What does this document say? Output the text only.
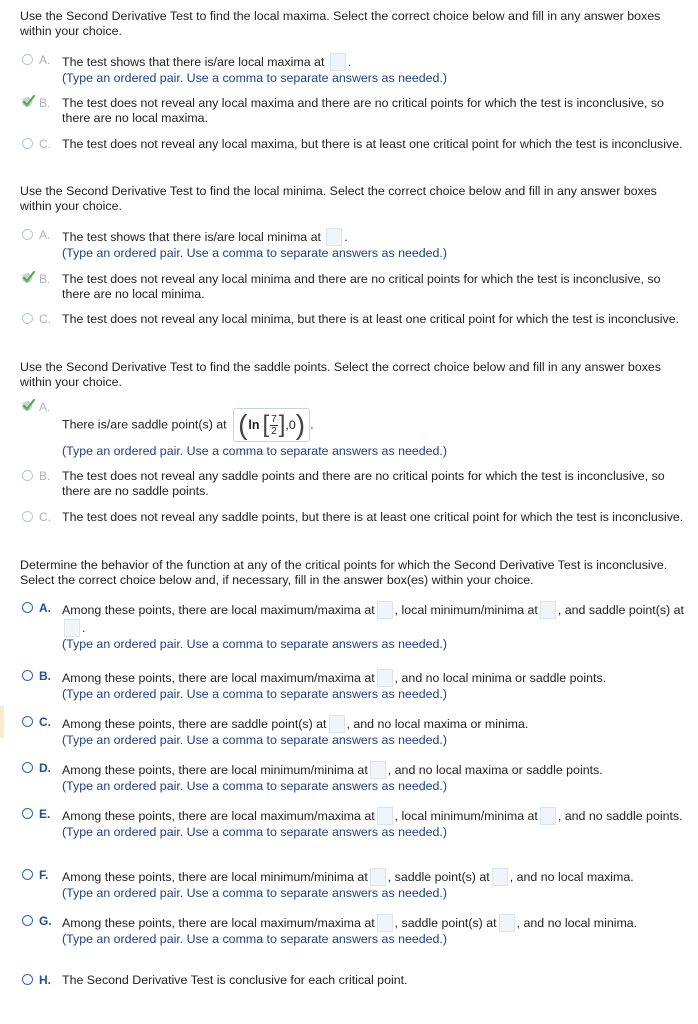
Use the Second Derivative Test to find the local maxima. Select the correct choice below and fill in any answer boxes within your choice.
A. The test shows that there is/are local maxima at .
(Type an ordered pair. Use a comma to separate answers as needed.)
B. The test does not reveal any local maxima and there are no critical points for which the test is inconclusive, so there are no local maxima.
C. The test does not reveal any local maxima, but there is at least one critical point for which the test is inconclusive.
Use the Second Derivative Test to find the local minima. Select the correct choice below and fill in any answer boxes within your choice.
A. The test shows that there is/are local minima at .
(Type an ordered pair. Use a comma to separate answers as needed.)
B. The test does not reveal any local minima and there are no critical points for which the test is inconclusive, so there are no local minima.
C. The test does not reveal any local minima, but there is at least one critical point for which the test is inconclusive.
Use the Second Derivative Test to find the saddle points. Select the correct choice below and fill in any answer boxes within your choice.
A.
There is/are saddle point(s) at ( ln [ $\frac{7}{2}$ ] ,0 ) .
(Type an ordered pair. Use a comma to separate answers as needed.)
B. The test does not reveal any saddle points and there are no critical points for which the test is inconclusive, so there are no saddle points.
C. The test does not reveal any saddle points, but there is at least one critical point for which the test is inconclusive.
Determine the behavior of the function at any of the critical points for which the Second Derivative Test is inconclusive. Select the correct choice below and, if necessary, fill in the answer box(es) within your choice.
A. Among these points, there are local maximum/maxima at , local minimum/minima at , and saddle point(s) at.
(Type an ordered pair. Use a comma to separate answers as needed.)
B. Among these points, there are local maximum/maxima at , and no local minima or saddle points.
(Type an ordered pair. Use a comma to separate answers as needed.)
C. Among these points, there are saddle point(s) at , and no local maxima or minima.
(Type an ordered pair. Use a comma to separate answers as needed.)
D. Among these points, there are local minimum/minima at , and no local maxima or saddle points.
(Type an ordered pair. Use a comma to separate answers as needed.)
E. Among these points, there are local maximum/maxima at , local minimum/minima at , and no saddle points.
(Type an ordered pair. Use a comma to separate answers as needed.)
F. Among these points, there are local minimum/minima at , saddle point(s) at , and no local maxima.
(Type an ordered pair. Use a comma to separate answers as needed.)
G. Among these points, there are local maximum/maxima at , saddle point(s) at , and no local minima.
(Type an ordered pair. Use a comma to separate answers as needed.)
H. The Second Derivative Test is conclusive for each critical point.
